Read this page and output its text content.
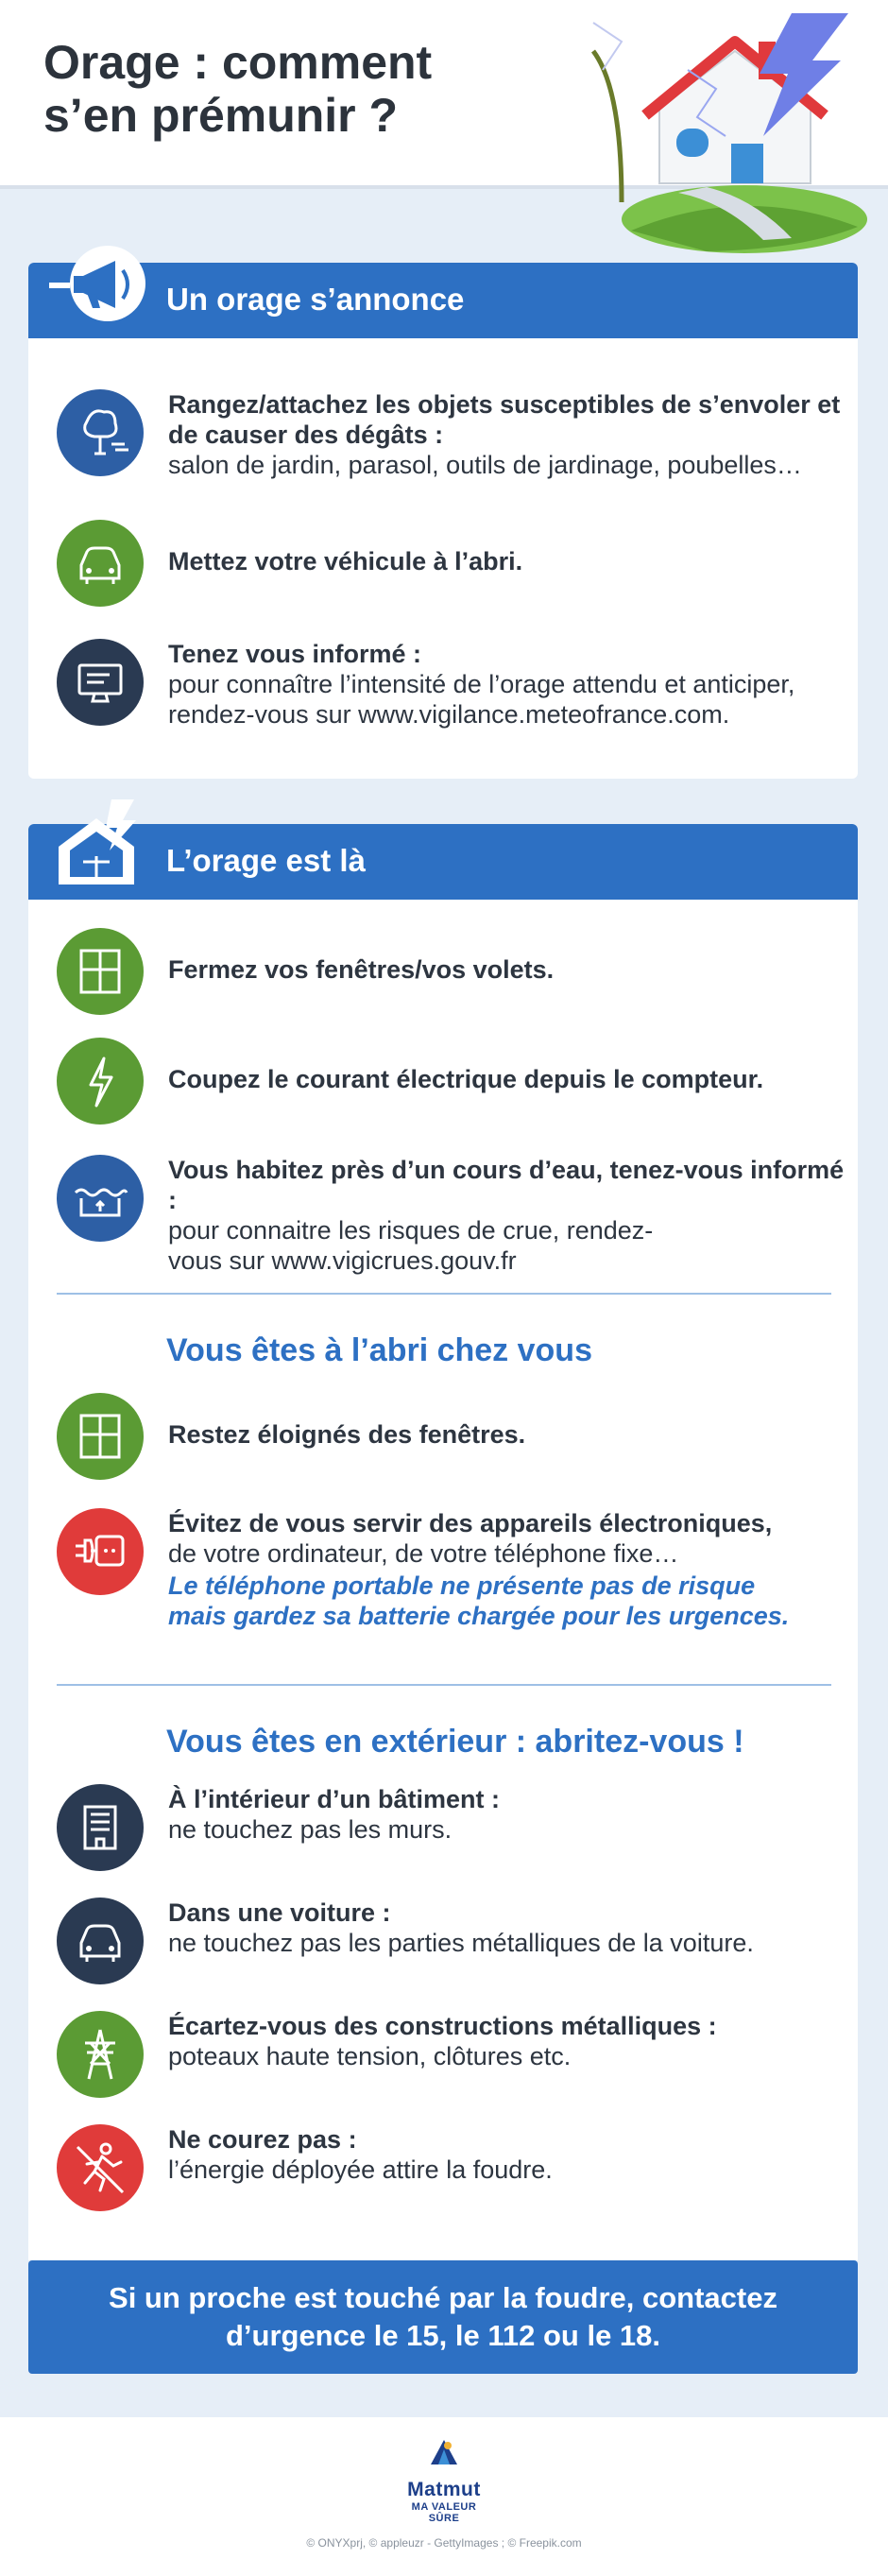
Orage : comment
s’en prémunir ?
Un orage s’annonce
Rangez/attachez les objets susceptibles de s’envoler et de causer des dégâts :
salon de jardin, parasol, outils de jardinage, poubelles…
Mettez votre véhicule à l’abri.
Tenez vous informé :
pour connaître l’intensité de l’orage attendu et anticiper, rendez-vous sur www.vigilance.meteofrance.com.
L’orage est là
Fermez vos fenêtres/vos volets.
Coupez le courant électrique depuis le compteur.
Vous habitez près d’un cours d’eau, tenez-vous informé :
pour connaitre les risques de crue, rendez-vous sur www.vigicrues.gouv.fr
Vous êtes à l’abri chez vous
Restez éloignés des fenêtres.
Évitez de vous servir des appareils électroniques,
de votre ordinateur, de votre téléphone fixe…
Le téléphone portable ne présente pas de risque mais gardez sa batterie chargée pour les urgences.
Vous êtes en extérieur : abritez-vous !
À l’intérieur d’un bâtiment :
ne touchez pas les murs.
Dans une voiture :
ne touchez pas les parties métalliques de la voiture.
Écartez-vous des constructions métalliques :
poteaux haute tension, clôtures etc.
Ne courez pas :
l’énergie déployée attire la foudre.
Si un proche est touché par la foudre, contactez
d’urgence le 15, le 112 ou le 18.
Matmut
MA VALEUR SÛRE
© ONYXprj, © appleuzr - GettyImages ; © Freepik.com
